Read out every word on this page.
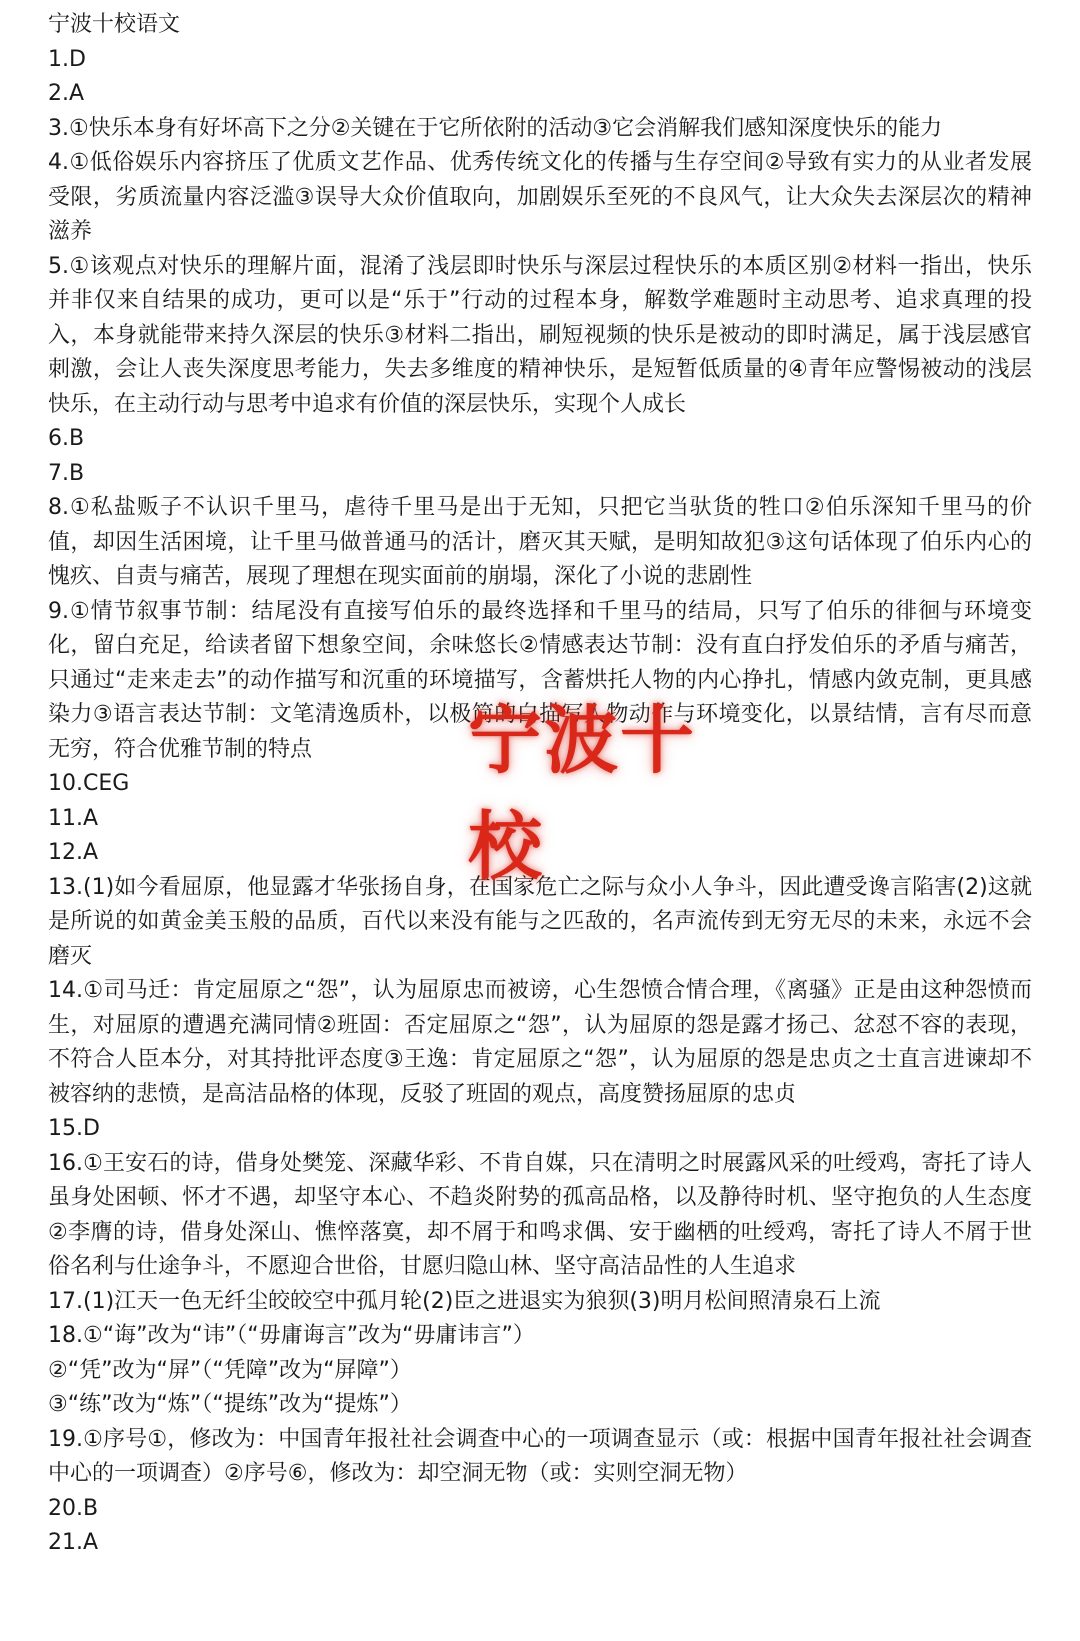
宁波十校语文

1.D

2.A

3.①快乐本身有好坏高下之分②关键在于它所依附的活动③它会消解我们感知深度快乐的能力

4.①低俗娱乐内容挤压了优质文艺作品、优秀传统文化的传播与生存空间②导致有实力的从业者发展受限，劣质流量内容泛滥③误导大众价值取向，加剧娱乐至死的不良风气，让大众失去深层次的精神滋养

5.①该观点对快乐的理解片面，混淆了浅层即时快乐与深层过程快乐的本质区别②材料一指出，快乐并非仅来自结果的成功，更可以是“乐于”行动的过程本身，解数学难题时主动思考、追求真理的投入，本身就能带来持久深层的快乐③材料二指出，刷短视频的快乐是被动的即时满足，属于浅层感官刺激，会让人丧失深度思考能力，失去多维度的精神快乐，是短暂低质量的④青年应警惕被动的浅层快乐，在主动行动与思考中追求有价值的深层快乐，实现个人成长

6.B

7.B

8.①私盐贩子不认识千里马，虐待千里马是出于无知，只把它当驮货的牲口②伯乐深知千里马的价值，却因生活困境，让千里马做普通马的活计，磨灭其天赋，是明知故犯③这句话体现了伯乐内心的愧疚、自责与痛苦，展现了理想在现实面前的崩塌，深化了小说的悲剧性

9.①情节叙事节制：结尾没有直接写伯乐的最终选择和千里马的结局，只写了伯乐的徘徊与环境变化，留白充足，给读者留下想象空间，余味悠长②情感表达节制：没有直白抒发伯乐的矛盾与痛苦，只通过“走来走去”的动作描写和沉重的环境描写，含蓄烘托人物的内心挣扎，情感内敛克制，更具感染力③语言表达节制：文笔清逸质朴，以极简的白描写人物动作与环境变化，以景结情，言有尽而意无穷，符合优雅节制的特点

10.CEG

11.A

12.A

13.(1)如今看屈原，他显露才华张扬自身，在国家危亡之际与众小人争斗，因此遭受谗言陷害(2)这就是所说的如黄金美玉般的品质，百代以来没有能与之匹敌的，名声流传到无穷无尽的未来，永远不会磨灭

14.①司马迁：肯定屈原之“怨”，认为屈原忠而被谤，心生怨愤合情合理，《离骚》正是由这种怨愤而生，对屈原的遭遇充满同情②班固：否定屈原之“怨”，认为屈原的怨是露才扬己、忿怼不容的表现，不符合人臣本分，对其持批评态度③王逸：肯定屈原之“怨”，认为屈原的怨是忠贞之士直言进谏却不被容纳的悲愤，是高洁品格的体现，反驳了班固的观点，高度赞扬屈原的忠贞

15.D

16.①王安石的诗，借身处樊笼、深藏华彩、不肯自媒，只在清明之时展露风采的吐绶鸡，寄托了诗人虽身处困顿、怀才不遇，却坚守本心、不趋炎附势的孤高品格，以及静待时机、坚守抱负的人生态度②李膺的诗，借身处深山、憔悴落寞，却不屑于和鸣求偶、安于幽栖的吐绶鸡，寄托了诗人不屑于世俗名利与仕途争斗，不愿迎合世俗，甘愿归隐山林、坚守高洁品性的人生追求

17.(1)江天一色无纤尘皎皎空中孤月轮(2)臣之进退实为狼狈(3)明月松间照清泉石上流

18.①“诲”改为“讳”（“毋庸诲言”改为“毋庸讳言”）

②“凭”改为“屏”（“凭障”改为“屏障”）

③“练”改为“炼”（“提练”改为“提炼”）

19.①序号①，修改为：中国青年报社社会调查中心的一项调查显示（或：根据中国青年报社社会调查中心的一项调查）②序号⑥，修改为：却空洞无物（或：实则空洞无物）

20.B

21.A

宁波十校
